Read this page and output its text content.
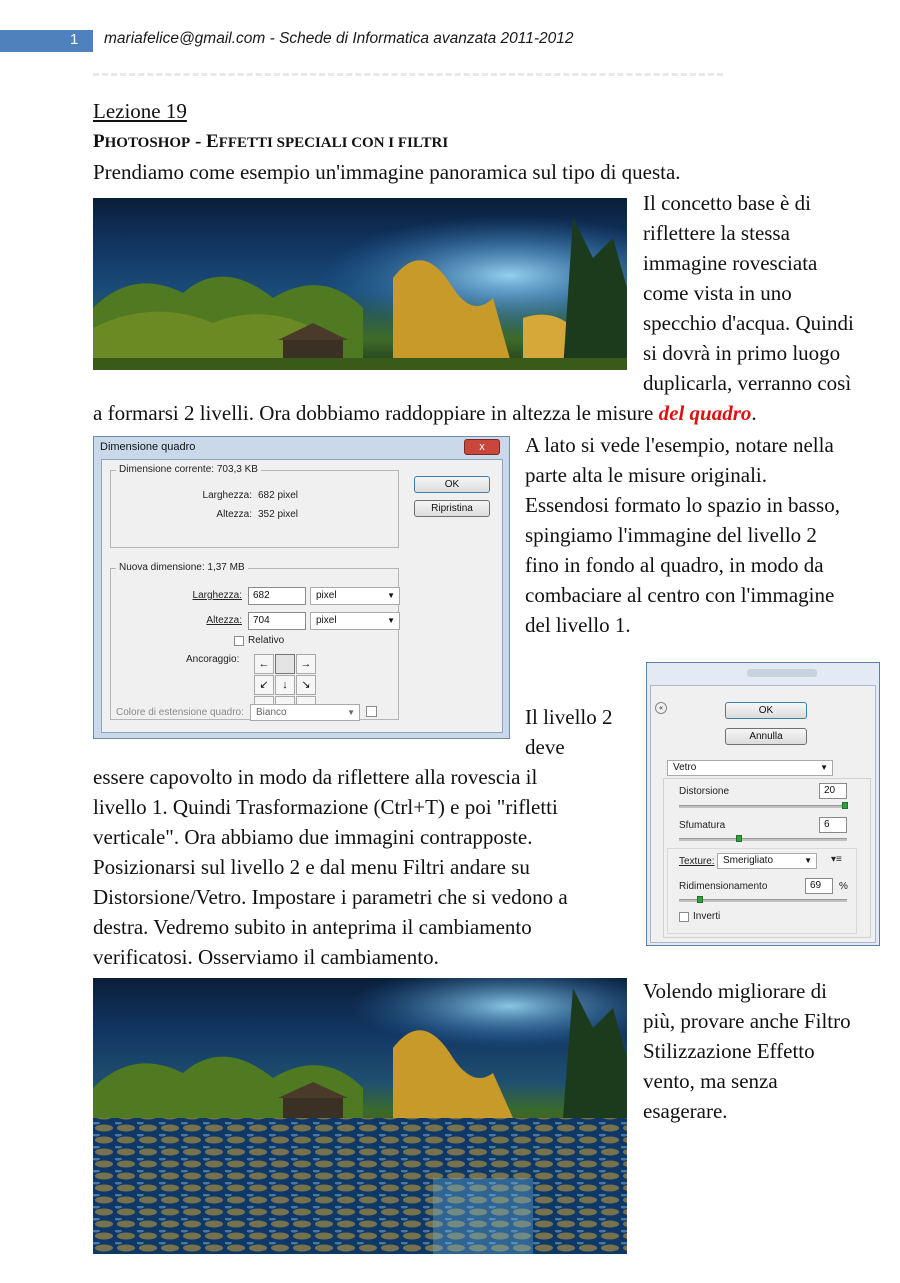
1 mariafelice@gmail.com - Schede di Informatica avanzata 2011-2012
Lezione 19
PHOTOSHOP - EFFETTI SPECIALI CON I FILTRI
Prendiamo come esempio un'immagine panoramica sul tipo di questa.
Il concetto base è di
riflettere la stessa
immagine rovesciata
come vista in uno
specchio d'acqua. Quindi
si dovrà in primo luogo
duplicarla, verranno così
a formarsi 2 livelli. Ora dobbiamo raddoppiare in altezza le misure del quadro.
Dimensione quadro	x
Dimensione corrente: 703,3 KB
Larghezza: 682 pixel
Altezza: 352 pixel
OK
Ripristina
Nuova dimensione: 1,37 MB
Larghezza:	682	pixel	▼
Altezza:	704	pixel	▼
Relativo
Ancoraggio:	←	→
↙	↓	↘
Colore di estensione quadro:	Bianco	▼
A lato si vede l'esempio, notare nella
parte alta le misure originali.
Essendosi formato lo spazio in basso,
spingiamo l'immagine del livello 2
fino in fondo al quadro, in modo da
combaciare al centro con l'immagine
del livello 1.
Il livello 2
deve
«	OK
Annulla
Vetro	▼
Distorsione	20
Sfumatura	6
Texture: Smerigliato	▼ ▾≡
Ridimensionamento	69	%
Inverti
essere capovolto in modo da riflettere alla rovescia il
livello 1. Quindi Trasformazione (Ctrl+T) e poi "rifletti
verticale". Ora abbiamo due immagini contrapposte.
Posizionarsi sul livello 2 e dal menu Filtri andare su
Distorsione/Vetro. Impostare i parametri che si vedono a
destra. Vedremo subito in anteprima il cambiamento
verificatosi. Osserviamo il cambiamento.
Volendo migliorare di
più, provare anche Filtro
Stilizzazione Effetto
vento, ma senza
esagerare.
